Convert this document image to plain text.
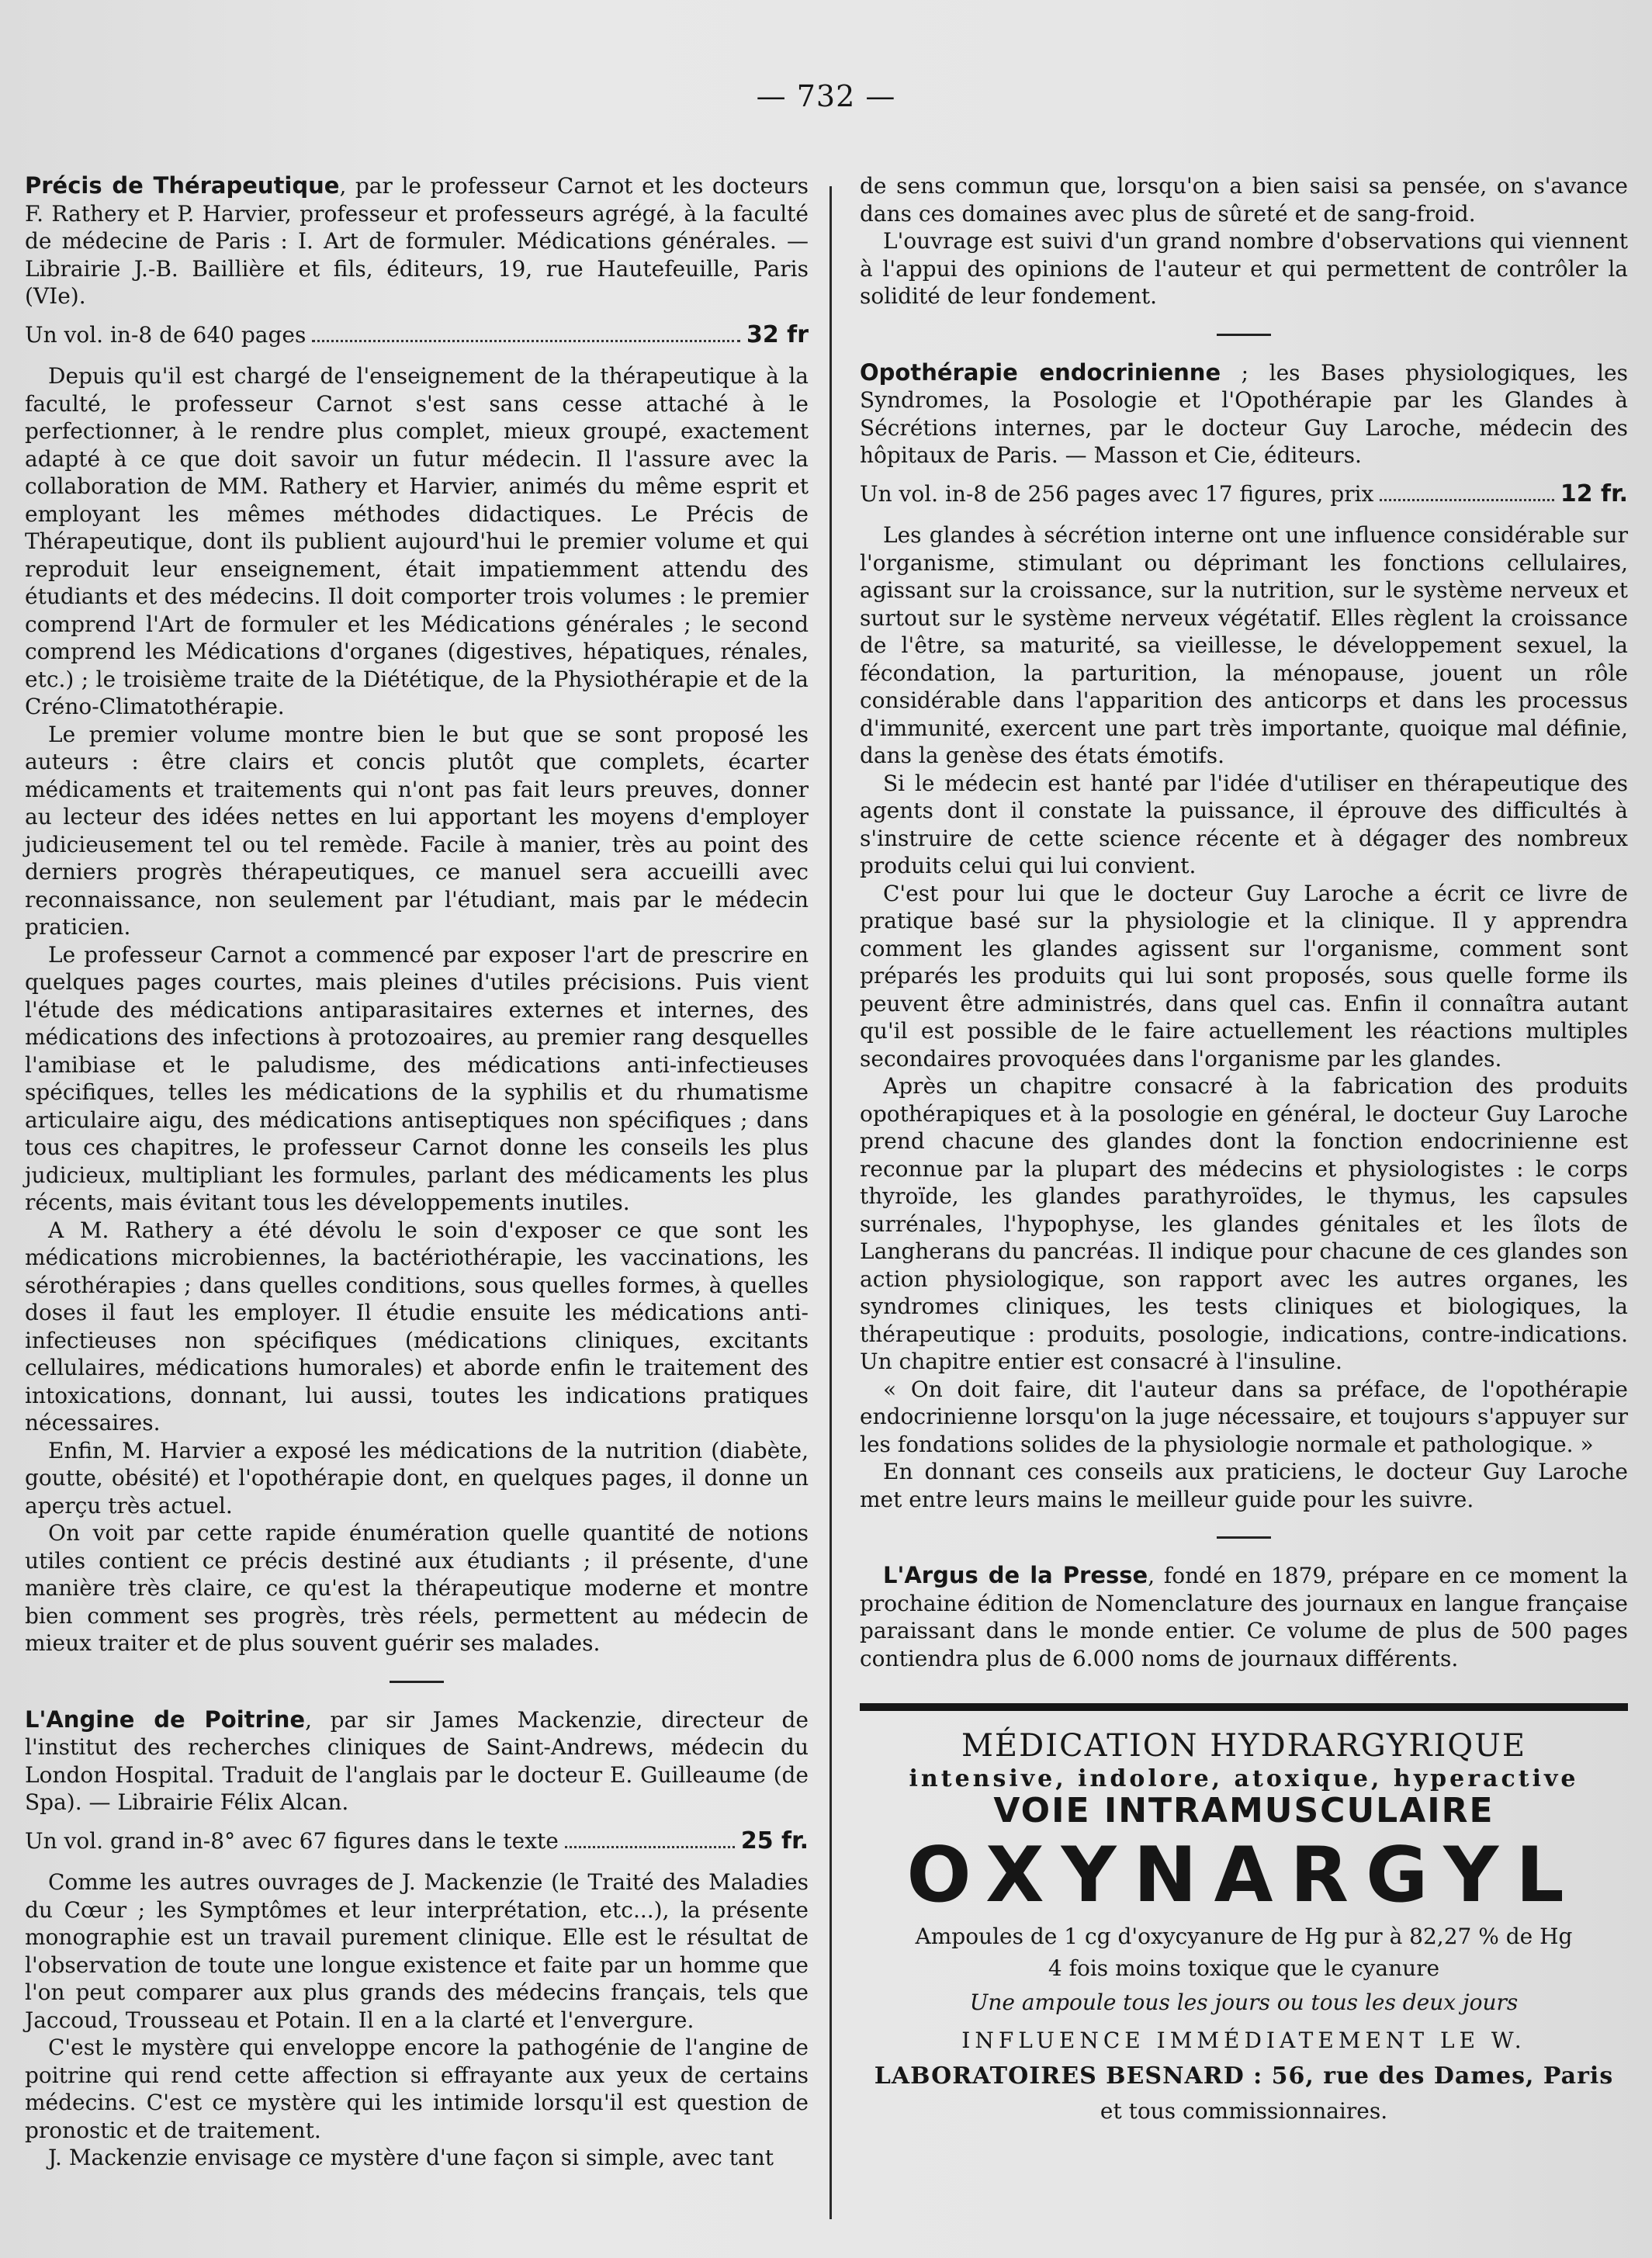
— 732 —

Précis de Thérapeutique, par le professeur Carnot et les docteurs F. Rathery et P. Harvier, professeur et professeurs agrégé, à la faculté de médecine de Paris : I. Art de formuler. Médications générales. — Librairie J.-B. Baillière et fils, éditeurs, 19, rue Hautefeuille, Paris (VIe).

Un vol. in-8 de 640 pages	32 fr

Depuis qu'il est chargé de l'enseignement de la thérapeutique à la faculté, le professeur Carnot s'est sans cesse attaché à le perfectionner, à le rendre plus complet, mieux groupé, exactement adapté à ce que doit savoir un futur médecin. Il l'assure avec la collaboration de MM. Rathery et Harvier, animés du même esprit et employant les mêmes méthodes didactiques. Le Précis de Thérapeutique, dont ils publient aujourd'hui le premier volume et qui reproduit leur enseignement, était impatiemment attendu des étudiants et des médecins. Il doit comporter trois volumes : le premier comprend l'Art de formuler et les Médications générales ; le second comprend les Médications d'organes (digestives, hépatiques, rénales, etc.) ; le troisième traite de la Diététique, de la Physiothérapie et de la Créno-Climatothérapie.

Le premier volume montre bien le but que se sont proposé les auteurs : être clairs et concis plutôt que complets, écarter médicaments et traitements qui n'ont pas fait leurs preuves, donner au lecteur des idées nettes en lui apportant les moyens d'employer judicieusement tel ou tel remède. Facile à manier, très au point des derniers progrès thérapeutiques, ce manuel sera accueilli avec reconnaissance, non seulement par l'étudiant, mais par le médecin praticien.

Le professeur Carnot a commencé par exposer l'art de prescrire en quelques pages courtes, mais pleines d'utiles précisions. Puis vient l'étude des médications antiparasitaires externes et internes, des médications des infections à protozoaires, au premier rang desquelles l'amibiase et le paludisme, des médications anti-infectieuses spécifiques, telles les médications de la syphilis et du rhumatisme articulaire aigu, des médications antiseptiques non spécifiques ; dans tous ces chapitres, le professeur Carnot donne les conseils les plus judicieux, multipliant les formules, parlant des médicaments les plus récents, mais évitant tous les développements inutiles.

A M. Rathery a été dévolu le soin d'exposer ce que sont les médications microbiennes, la bactériothérapie, les vaccinations, les sérothérapies ; dans quelles conditions, sous quelles formes, à quelles doses il faut les employer. Il étudie ensuite les médications anti-infectieuses non spécifiques (médications cliniques, excitants cellulaires, médications humorales) et aborde enfin le traitement des intoxications, donnant, lui aussi, toutes les indications pratiques nécessaires.

Enfin, M. Harvier a exposé les médications de la nutrition (diabète, goutte, obésité) et l'opothérapie dont, en quelques pages, il donne un aperçu très actuel.

On voit par cette rapide énumération quelle quantité de notions utiles contient ce précis destiné aux étudiants ; il présente, d'une manière très claire, ce qu'est la thérapeutique moderne et montre bien comment ses progrès, très réels, permettent au médecin de mieux traiter et de plus souvent guérir ses malades.

L'Angine de Poitrine, par sir James Mackenzie, directeur de l'institut des recherches cliniques de Saint-Andrews, médecin du London Hospital. Traduit de l'anglais par le docteur E. Guilleaume (de Spa). — Librairie Félix Alcan.

Un vol. grand in-8° avec 67 figures dans le texte	25 fr.

Comme les autres ouvrages de J. Mackenzie (le Traité des Maladies du Cœur ; les Symptômes et leur interprétation, etc...), la présente monographie est un travail purement clinique. Elle est le résultat de l'observation de toute une longue existence et faite par un homme que l'on peut comparer aux plus grands des médecins français, tels que Jaccoud, Trousseau et Potain. Il en a la clarté et l'envergure.

C'est le mystère qui enveloppe encore la pathogénie de l'angine de poitrine qui rend cette affection si effrayante aux yeux de certains médecins. C'est ce mystère qui les intimide lorsqu'il est question de pronostic et de traitement.

J. Mackenzie envisage ce mystère d'une façon si simple, avec tant

de sens commun que, lorsqu'on a bien saisi sa pensée, on s'avance dans ces domaines avec plus de sûreté et de sang-froid.

L'ouvrage est suivi d'un grand nombre d'observations qui viennent à l'appui des opinions de l'auteur et qui permettent de contrôler la solidité de leur fondement.

Opothérapie endocrinienne ; les Bases physiologiques, les Syndromes, la Posologie et l'Opothérapie par les Glandes à Sécrétions internes, par le docteur Guy Laroche, médecin des hôpitaux de Paris. — Masson et Cie, éditeurs.

Un vol. in-8 de 256 pages avec 17 figures, prix	12 fr.

Les glandes à sécrétion interne ont une influence considérable sur l'organisme, stimulant ou déprimant les fonctions cellulaires, agissant sur la croissance, sur la nutrition, sur le système nerveux et surtout sur le système nerveux végétatif. Elles règlent la croissance de l'être, sa maturité, sa vieillesse, le développement sexuel, la fécondation, la parturition, la ménopause, jouent un rôle considérable dans l'apparition des anticorps et dans les processus d'immunité, exercent une part très importante, quoique mal définie, dans la genèse des états émotifs.

Si le médecin est hanté par l'idée d'utiliser en thérapeutique des agents dont il constate la puissance, il éprouve des difficultés à s'instruire de cette science récente et à dégager des nombreux produits celui qui lui convient.

C'est pour lui que le docteur Guy Laroche a écrit ce livre de pratique basé sur la physiologie et la clinique. Il y apprendra comment les glandes agissent sur l'organisme, comment sont préparés les produits qui lui sont proposés, sous quelle forme ils peuvent être administrés, dans quel cas. Enfin il connaîtra autant qu'il est possible de le faire actuellement les réactions multiples secondaires provoquées dans l'organisme par les glandes.

Après un chapitre consacré à la fabrication des produits opothérapiques et à la posologie en général, le docteur Guy Laroche prend chacune des glandes dont la fonction endocrinienne est reconnue par la plupart des médecins et physiologistes : le corps thyroïde, les glandes parathyroïdes, le thymus, les capsules surrénales, l'hypophyse, les glandes génitales et les îlots de Langherans du pancréas. Il indique pour chacune de ces glandes son action physiologique, son rapport avec les autres organes, les syndromes cliniques, les tests cliniques et biologiques, la thérapeutique : produits, posologie, indications, contre-indications. Un chapitre entier est consacré à l'insuline.

« On doit faire, dit l'auteur dans sa préface, de l'opothérapie endocrinienne lorsqu'on la juge nécessaire, et toujours s'appuyer sur les fondations solides de la physiologie normale et pathologique. »

En donnant ces conseils aux praticiens, le docteur Guy Laroche met entre leurs mains le meilleur guide pour les suivre.

L'Argus de la Presse, fondé en 1879, prépare en ce moment la prochaine édition de Nomenclature des journaux en langue française paraissant dans le monde entier. Ce volume de plus de 500 pages contiendra plus de 6.000 noms de journaux différents.

MÉDICATION HYDRARGYRIQUE

intensive, indolore, atoxique, hyperactive

VOIE INTRAMUSCULAIRE

OXYNARGYL

Ampoules de 1 cg d'oxycyanure de Hg pur à 82,27 % de Hg

4 fois moins toxique que le cyanure

Une ampoule tous les jours ou tous les deux jours

INFLUENCE IMMÉDIATEMENT LE W.

LABORATOIRES BESNARD : 56, rue des Dames, Paris

et tous commissionnaires.
